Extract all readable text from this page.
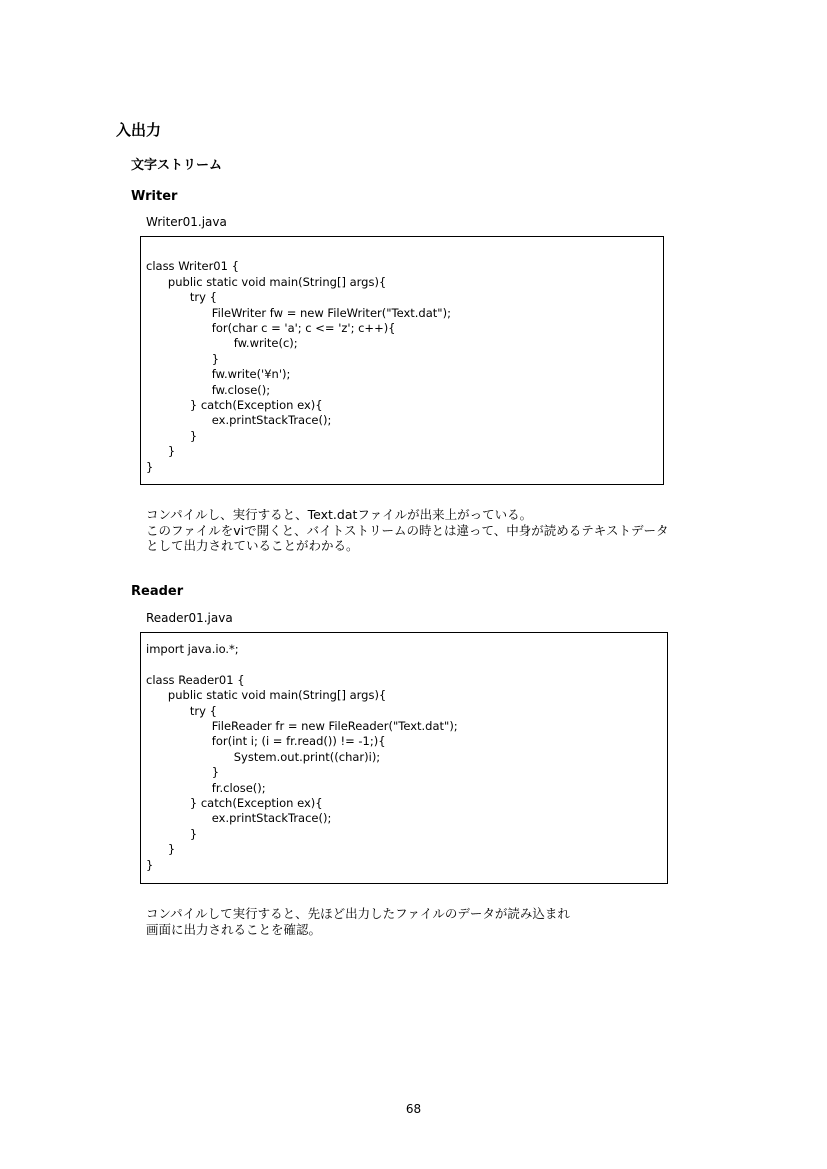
入出力
文字ストリーム
Writer
Writer01.java
class Writer01 {
public static void main(String[] args){
try {
FileWriter fw = new FileWriter("Text.dat");
for(char c = 'a'; c <= 'z'; c++){
fw.write(c);
}
fw.write('¥n');
fw.close();
} catch(Exception ex){
ex.printStackTrace();
}
}
}
コンパイルし、実行すると、Text.datファイルが出来上がっている。
このファイルをviで開くと、バイトストリームの時とは違って、中身が読めるテキストデータ
として出力されていることがわかる。
Reader
Reader01.java
import java.io.*;
class Reader01 {
public static void main(String[] args){
try {
FileReader fr = new FileReader("Text.dat");
for(int i; (i = fr.read()) != -1;){
System.out.print((char)i);
}
fr.close();
} catch(Exception ex){
ex.printStackTrace();
}
}
}
コンパイルして実行すると、先ほど出力したファイルのデータが読み込まれ
画面に出力されることを確認。
68
